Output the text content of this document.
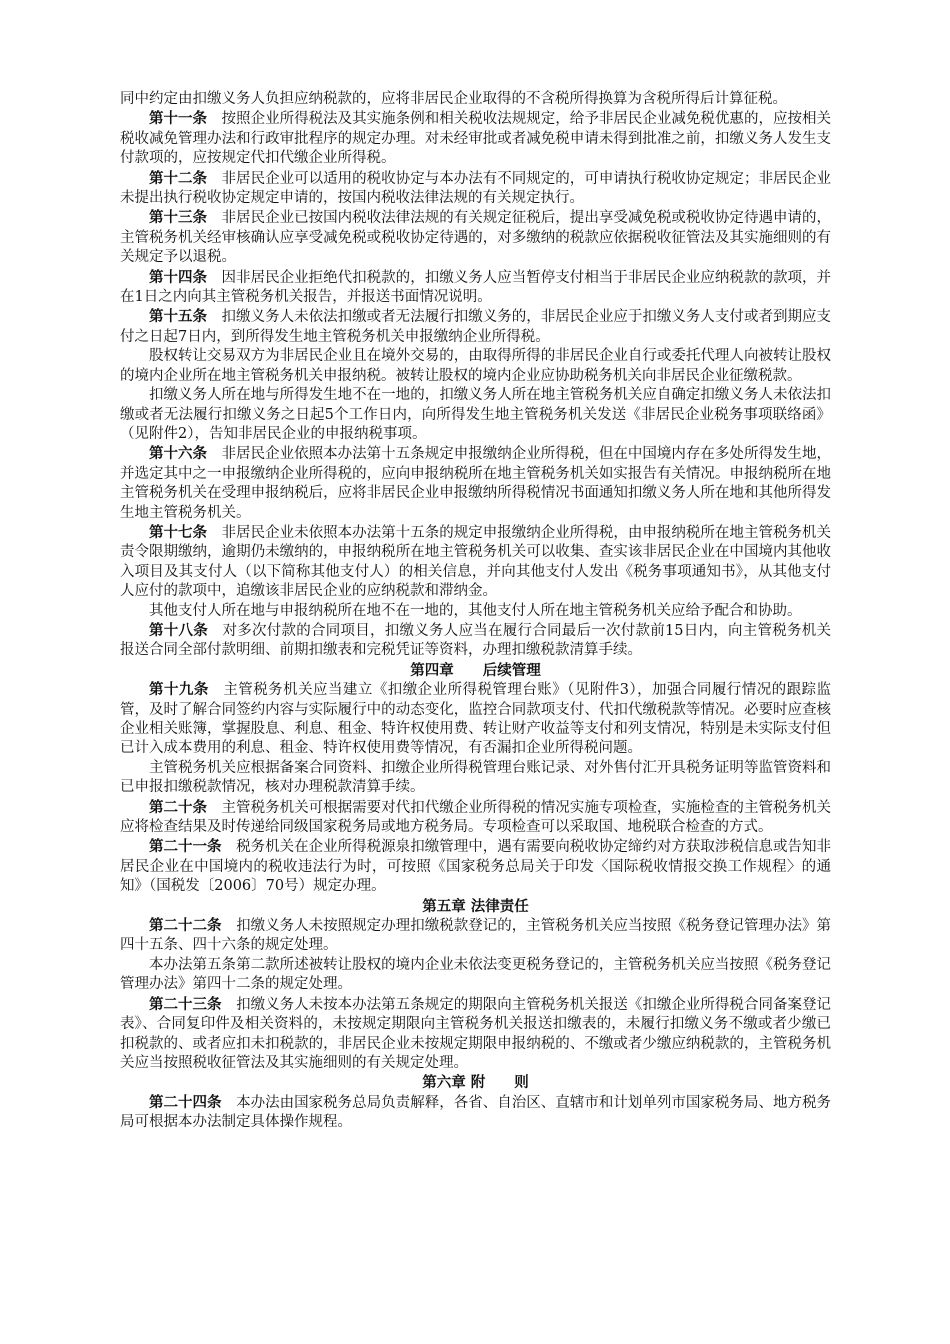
同中约定由扣缴义务人负担应纳税款的，应将非居民企业取得的不含税所得换算为含税所得后计算征税。

第十一条 按照企业所得税法及其实施条例和相关税收法规规定，给予非居民企业减免税优惠的，应按相关税收减免管理办法和行政审批程序的规定办理。对未经审批或者减免税申请未得到批准之前，扣缴义务人发生支付款项的，应按规定代扣代缴企业所得税。

第十二条 非居民企业可以适用的税收协定与本办法有不同规定的，可申请执行税收协定规定；非居民企业未提出执行税收协定规定申请的，按国内税收法律法规的有关规定执行。

第十三条 非居民企业已按国内税收法律法规的有关规定征税后，提出享受减免税或税收协定待遇申请的，主管税务机关经审核确认应享受减免税或税收协定待遇的，对多缴纳的税款应依据税收征管法及其实施细则的有关规定予以退税。

第十四条 因非居民企业拒绝代扣税款的，扣缴义务人应当暂停支付相当于非居民企业应纳税款的款项，并在1日之内向其主管税务机关报告，并报送书面情况说明。

第十五条 扣缴义务人未依法扣缴或者无法履行扣缴义务的，非居民企业应于扣缴义务人支付或者到期应支付之日起7日内，到所得发生地主管税务机关申报缴纳企业所得税。

股权转让交易双方为非居民企业且在境外交易的，由取得所得的非居民企业自行或委托代理人向被转让股权的境内企业所在地主管税务机关申报纳税。被转让股权的境内企业应协助税务机关向非居民企业征缴税款。

扣缴义务人所在地与所得发生地不在一地的，扣缴义务人所在地主管税务机关应自确定扣缴义务人未依法扣缴或者无法履行扣缴义务之日起5个工作日内，向所得发生地主管税务机关发送《非居民企业税务事项联络函》（见附件2），告知非居民企业的申报纳税事项。

第十六条 非居民企业依照本办法第十五条规定申报缴纳企业所得税，但在中国境内存在多处所得发生地，并选定其中之一申报缴纳企业所得税的，应向申报纳税所在地主管税务机关如实报告有关情况。申报纳税所在地主管税务机关在受理申报纳税后，应将非居民企业申报缴纳所得税情况书面通知扣缴义务人所在地和其他所得发生地主管税务机关。

第十七条 非居民企业未依照本办法第十五条的规定申报缴纳企业所得税，由申报纳税所在地主管税务机关责令限期缴纳，逾期仍未缴纳的，申报纳税所在地主管税务机关可以收集、查实该非居民企业在中国境内其他收入项目及其支付人（以下简称其他支付人）的相关信息，并向其他支付人发出《税务事项通知书》，从其他支付人应付的款项中，追缴该非居民企业的应纳税款和滞纳金。

其他支付人所在地与申报纳税所在地不在一地的，其他支付人所在地主管税务机关应给予配合和协助。

第十八条 对多次付款的合同项目，扣缴义务人应当在履行合同最后一次付款前15日内，向主管税务机关报送合同全部付款明细、前期扣缴表和完税凭证等资料，办理扣缴税款清算手续。

第四章　　后续管理

第十九条 主管税务机关应当建立《扣缴企业所得税管理台账》（见附件3），加强合同履行情况的跟踪监管，及时了解合同签约内容与实际履行中的动态变化，监控合同款项支付、代扣代缴税款等情况。必要时应查核企业相关账簿，掌握股息、利息、租金、特许权使用费、转让财产收益等支付和列支情况，特别是未实际支付但已计入成本费用的利息、租金、特许权使用费等情况，有否漏扣企业所得税问题。

主管税务机关应根据备案合同资料、扣缴企业所得税管理台账记录、对外售付汇开具税务证明等监管资料和已申报扣缴税款情况，核对办理税款清算手续。

第二十条 主管税务机关可根据需要对代扣代缴企业所得税的情况实施专项检查，实施检查的主管税务机关应将检查结果及时传递给同级国家税务局或地方税务局。专项检查可以采取国、地税联合检查的方式。

第二十一条 税务机关在企业所得税源泉扣缴管理中，遇有需要向税收协定缔约对方获取涉税信息或告知非居民企业在中国境内的税收违法行为时，可按照《国家税务总局关于印发〈国际税收情报交换工作规程〉的通知》（国税发〔2006〕70号）规定办理。

第五章 法律责任

第二十二条 扣缴义务人未按照规定办理扣缴税款登记的，主管税务机关应当按照《税务登记管理办法》第四十五条、四十六条的规定处理。

本办法第五条第二款所述被转让股权的境内企业未依法变更税务登记的，主管税务机关应当按照《税务登记管理办法》第四十二条的规定处理。

第二十三条 扣缴义务人未按本办法第五条规定的期限向主管税务机关报送《扣缴企业所得税合同备案登记表》、合同复印件及相关资料的，未按规定期限向主管税务机关报送扣缴表的，未履行扣缴义务不缴或者少缴已扣税款的、或者应扣未扣税款的，非居民企业未按规定期限申报纳税的、不缴或者少缴应纳税款的，主管税务机关应当按照税收征管法及其实施细则的有关规定处理。

第六章 附　　则

第二十四条 本办法由国家税务总局负责解释，各省、自治区、直辖市和计划单列市国家税务局、地方税务局可根据本办法制定具体操作规程。
